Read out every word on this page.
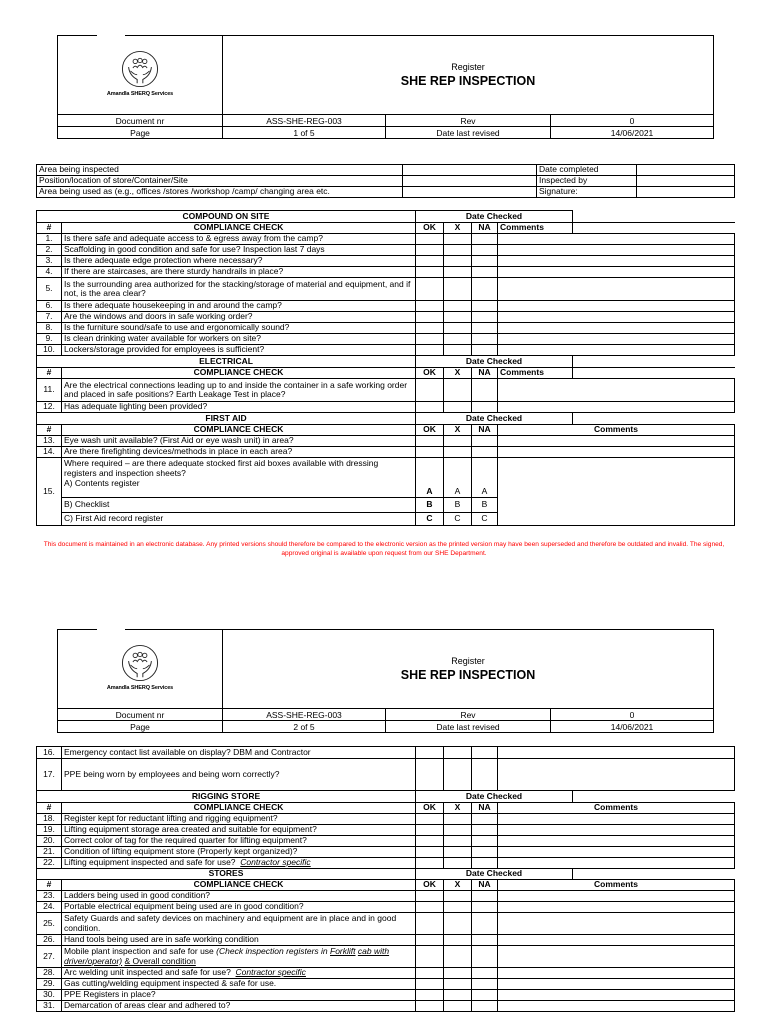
Amandla SHERQ Services	Register
SHE REP INSPECTION		

Document nr	ASS-SHE-REG-003	Rev	0
Page	1 of 5	Date last revised	14/06/2021
Area being inspected		Date completed	
Position/location of store/Container/Site		Inspected by	
Area being used as (e.g., offices /stores /workshop /camp/ changing area etc.		Signature:	
COMPOUND ON SITE		Date Checked				
#	COMPLIANCE CHECK	OK	X	NA	Comments	
1.	Is there safe and adequate access to & egress away from the camp?					
2.	Scaffolding in good condition and safe for use? Inspection last 7 days					
3.	Is there adequate edge protection where necessary?					
4.	If there are staircases, are there sturdy handrails in place?					
5.	Is the surrounding area authorized for the stacking/storage of material and equipment, and if not, is the area clear?					
6.	Is there adequate housekeeping in and around the camp?					
7.	Are the windows and doors in safe working order?					
8.	Is the furniture sound/safe to use and ergonomically sound?					
9.	Is clean drinking water available for workers on site?					
10.	Lockers/storage provided for employees is sufficient?					
ELECTRICAL		Date Checked				
#	COMPLIANCE CHECK	OK	X	NA	Comments	
11.	Are the electrical connections leading up to and inside the container in a safe working order and placed in safe positions? Earth Leakage Test in place?					
12.	Has adequate lighting been provided?					
FIRST AID		Date Checked				
#	COMPLIANCE CHECK	OK	X	NA	Comments	
13.	Eye wash unit available? (First Aid or eye wash unit) in area?					
14.	Are there firefighting devices/methods in place in each area?					
15.	Where required – are there adequate stocked first aid boxes available with dressing registers and inspection sheets?
A) Contents register	A	A	A		
	B) Checklist	B	B	B		
	C) First Aid record register	C	C	C		
This document is maintained in an electronic database. Any printed versions should therefore be compared to the electronic version as the printed version may have been superseded and therefore be outdated and invalid. The signed, approved original is available upon request from our SHE Department.
Amandla SHERQ Services	Register
SHE REP INSPECTION		

Document nr	ASS-SHE-REG-003	Rev	0
Page	2 of 5	Date last revised	14/06/2021
16.	Emergency contact list available on display? DBM and Contractor					
17.	PPE being worn by employees and being worn correctly?					
RIGGING STORE		Date Checked				
#	COMPLIANCE CHECK	OK	X	NA	Comments	
18.	Register kept for reductant lifting and rigging equipment?					
19.	Lifting equipment storage area created and suitable for equipment?					
20.	Correct color of tag for the required quarter for lifting equipment?					
21.	Condition of lifting equipment store (Properly kept organized)?					
22.	Lifting equipment inspected and safe for use? Contractor specific					
STORES		Date Checked				
#	COMPLIANCE CHECK	OK	X	NA	Comments	
23.	Ladders being used in good condition?					
24.	Portable electrical equipment being used are in good condition?					
25.	Safety Guards and safety devices on machinery and equipment are in place and in good condition.					
26.	Hand tools being used are in safe working condition					
27.	Mobile plant inspection and safe for use (Check inspection registers in Forklift cab with driver/operator) & Overall condition					
28.	Arc welding unit inspected and safe for use? Contractor specific					
29.	Gas cutting/welding equipment inspected & safe for use.					
30.	PPE Registers in place?					
31.	Demarcation of areas clear and adhered to?					
